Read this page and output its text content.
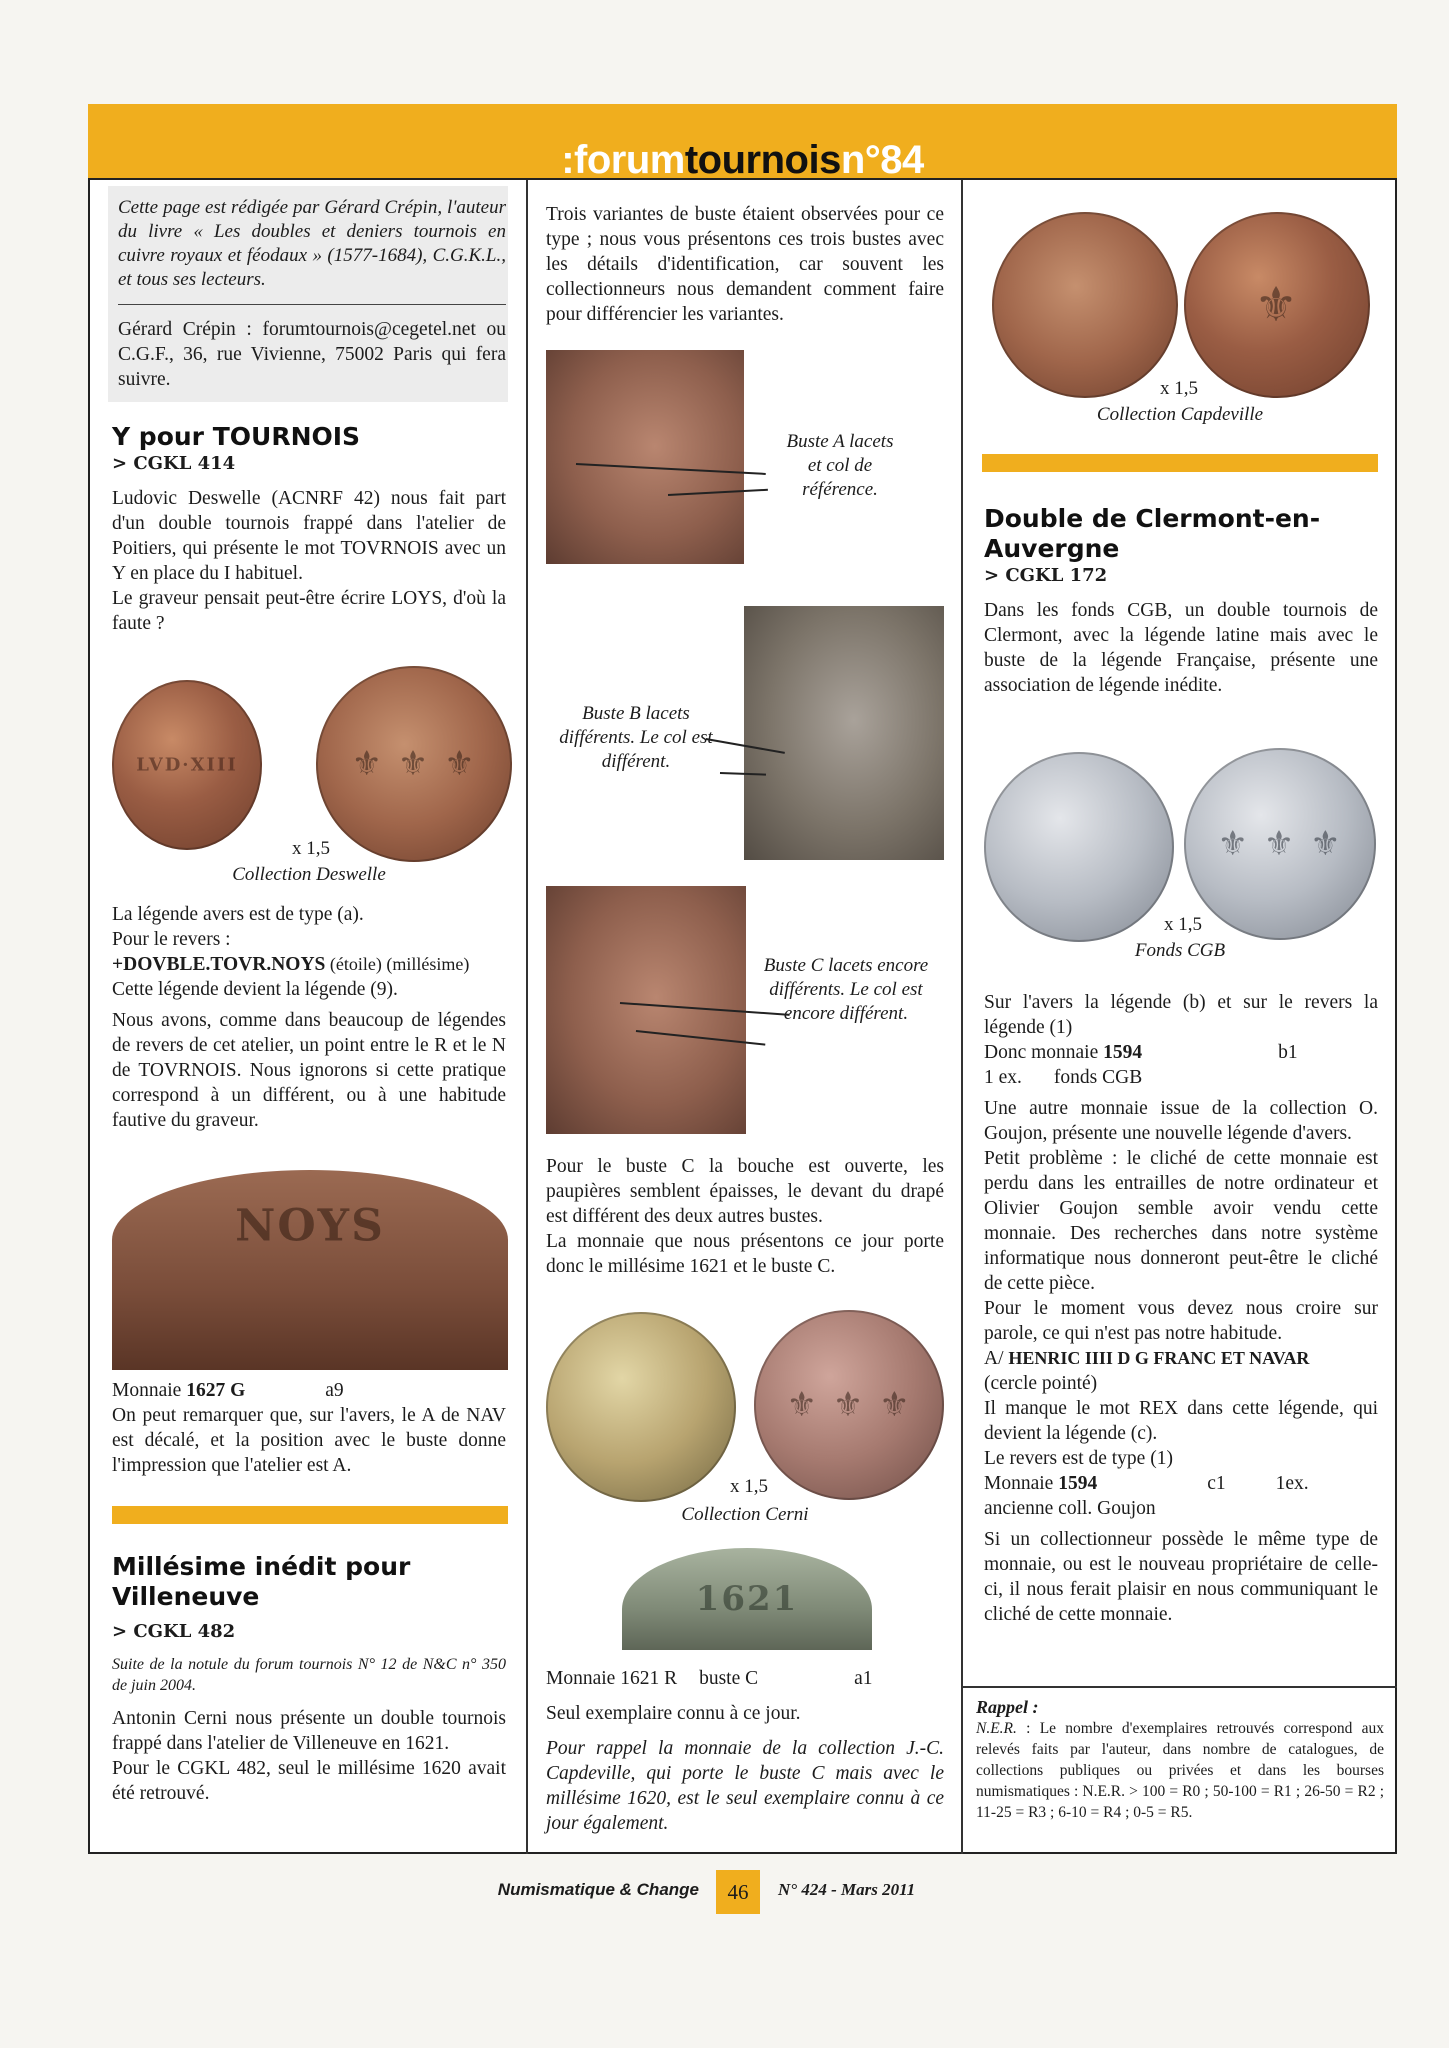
:forumtournoisn°84

Cette page est rédigée par Gérard Crépin, l'auteur du livre « Les doubles et deniers tournois en cuivre royaux et féodaux » (1577-1684), C.G.K.L., et tous ses lecteurs.

Gérard Crépin : forumtournois@cegetel.net ou C.G.F., 36, rue Vivienne, 75002 Paris qui fera suivre.

Y pour TOURNOIS
> CGKL 414

Ludovic Deswelle (ACNRF 42) nous fait part d'un double tournois frappé dans l'atelier de Poitiers, qui présente le mot TOVRNOIS avec un Y en place du I habituel.

Le graveur pensait peut-être écrire LOYS, d'où la faute ?

LVD·XIII	⚜ ⚜ ⚜
x 1,5
Collection Deswelle

La légende avers est de type (a).

Pour le revers :

+DOVBLE.TOVR.NOYS (étoile) (millésime)

Cette légende devient la légende (9).

Nous avons, comme dans beaucoup de légendes de revers de cet atelier, un point entre le R et le N de TOVRNOIS. Nous ignorons si cette pratique correspond à un différent, ou à une habitude fautive du graveur.

NOYS

Monnaie 1627 G	a9

On peut remarquer que, sur l'avers, le A de NAV est décalé, et la position avec le buste donne l'impression que l'atelier est A.

Millésime inédit pour Villeneuve
> CGKL 482

Suite de la notule du forum tournois N° 12 de N&C n° 350 de juin 2004.

Antonin Cerni nous présente un double tournois frappé dans l'atelier de Villeneuve en 1621.

Pour le CGKL 482, seul le millésime 1620 avait été retrouvé.

Trois variantes de buste étaient observées pour ce type ; nous vous présentons ces trois bustes avec les détails d'identification, car souvent les collectionneurs nous demandent comment faire pour différencier les variantes.

Buste A lacets et col de référence.
Buste B lacets différents. Le col est différent.
Buste C lacets encore différents. Le col est encore différent.

Pour le buste C la bouche est ouverte, les paupières semblent épaisses, le devant du drapé est différent des deux autres bustes.

La monnaie que nous présentons ce jour porte donc le millésime 1621 et le buste C.

⚜ ⚜ ⚜
x 1,5
Collection Cerni
1621

Monnaie 1621 R buste C	a1

Seul exemplaire connu à ce jour.

Pour rappel la monnaie de la collection J.-C. Capdeville, qui porte le buste C mais avec le millésime 1620, est le seul exemplaire connu à ce jour également.

⚜
x 1,5
Collection Capdeville
Double de Clermont-en-Auvergne
> CGKL 172

Dans les fonds CGB, un double tournois de Clermont, avec la légende latine mais avec le buste de la légende Française, présente une association de légende inédite.

⚜ ⚜ ⚜
x 1,5
Fonds CGB

Sur l'avers la légende (b) et sur le revers la légende (1)

Donc monnaie 1594	b1

1 ex. fonds CGB

Une autre monnaie issue de la collection O. Goujon, présente une nouvelle légende d'avers.

Petit problème : le cliché de cette monnaie est perdu dans les entrailles de notre ordinateur et Olivier Goujon semble avoir vendu cette monnaie. Des recherches dans notre système informatique nous donneront peut-être le cliché de cette pièce.

Pour le moment vous devez nous croire sur parole, ce qui n'est pas notre habitude.

A/ HENRIC IIII D G FRANC ET NAVAR

(cercle pointé)

Il manque le mot REX dans cette légende, qui devient la légende (c).

Le revers est de type (1)

Monnaie 1594	c1	1ex.

ancienne coll. Goujon

Si un collectionneur possède le même type de monnaie, ou est le nouveau propriétaire de celle-ci, il nous ferait plaisir en nous communiquant le cliché de cette monnaie.

Rappel :

N.E.R. : Le nombre d'exemplaires retrouvés correspond aux relevés faits par l'auteur, dans nombre de catalogues, de collections publiques ou privées et dans les bourses numismatiques : N.E.R. > 100 = R0 ; 50-100 = R1 ; 26-50 = R2 ; 11-25 = R3 ; 6-10 = R4 ; 0-5 = R5.

Numismatique & Change	46	N° 424 - Mars 2011
